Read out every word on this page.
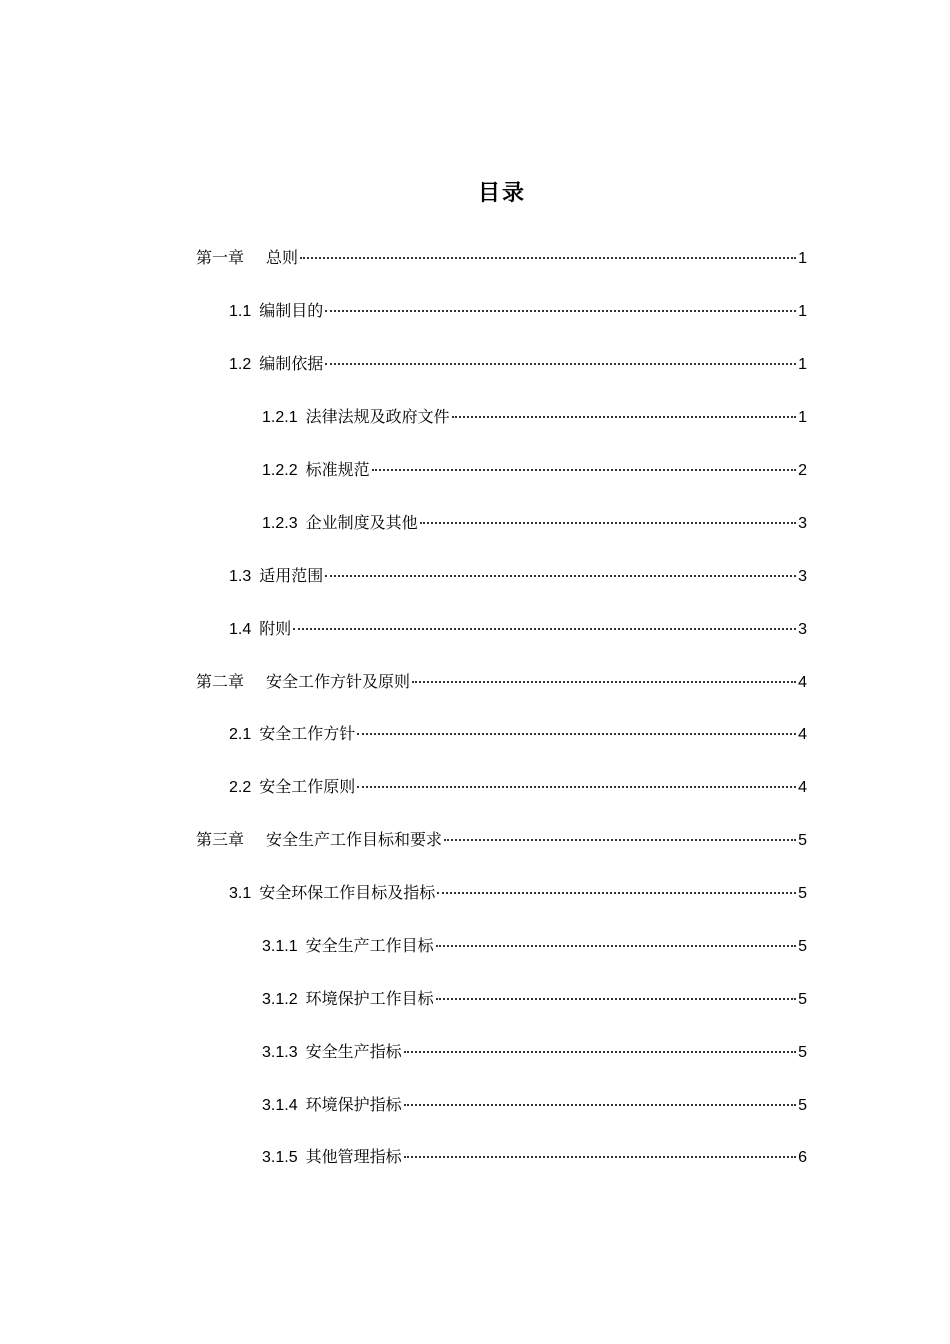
目录
第一章	总则	1
1.1 编制目的	1
1.2 编制依据	1
1.2.1 法律法规及政府文件	1
1.2.2 标准规范	2
1.2.3 企业制度及其他	3
1.3 适用范围	3
1.4 附则	3
第二章	安全工作方针及原则	4
2.1 安全工作方针	4
2.2 安全工作原则	4
第三章	安全生产工作目标和要求	5
3.1 安全环保工作目标及指标	5
3.1.1 安全生产工作目标	5
3.1.2 环境保护工作目标	5
3.1.3 安全生产指标	5
3.1.4 环境保护指标	5
3.1.5 其他管理指标	6
